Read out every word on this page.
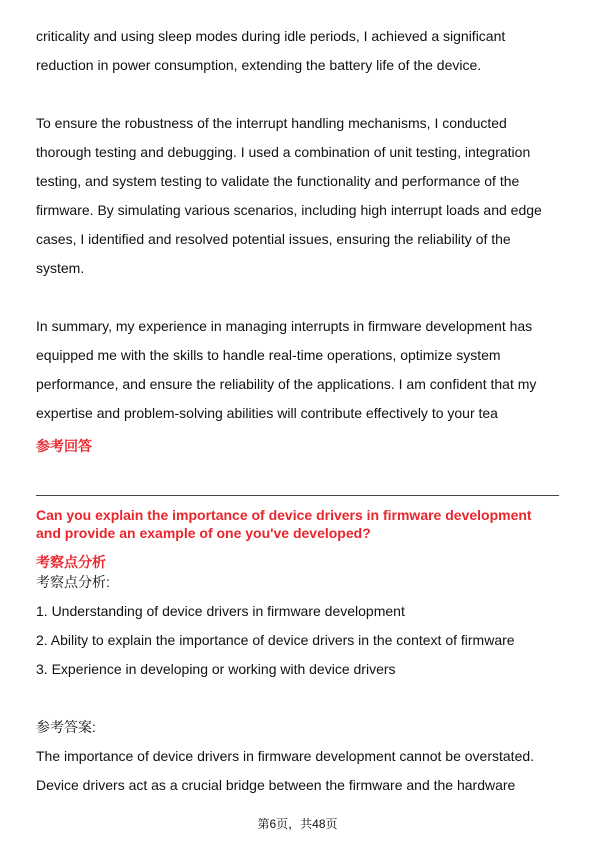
criticality and using sleep modes during idle periods, I achieved a significant

reduction in power consumption, extending the battery life of the device.

To ensure the robustness of the interrupt handling mechanisms, I conducted

thorough testing and debugging. I used a combination of unit testing, integration

testing, and system testing to validate the functionality and performance of the

firmware. By simulating various scenarios, including high interrupt loads and edge

cases, I identified and resolved potential issues, ensuring the reliability of the

system.

In summary, my experience in managing interrupts in firmware development has

equipped me with the skills to handle real-time operations, optimize system

performance, and ensure the reliability of the applications. I am confident that my

expertise and problem-solving abilities will contribute effectively to your tea

参考回答

Can you explain the importance of device drivers in firmware development
and provide an example of one you've developed?

考察点分析

考察点分析:

1. Understanding of device drivers in firmware development

2. Ability to explain the importance of device drivers in the context of firmware

3. Experience in developing or working with device drivers

参考答案:

The importance of device drivers in firmware development cannot be overstated.

Device drivers act as a crucial bridge between the firmware and the hardware

第6页，共48页
